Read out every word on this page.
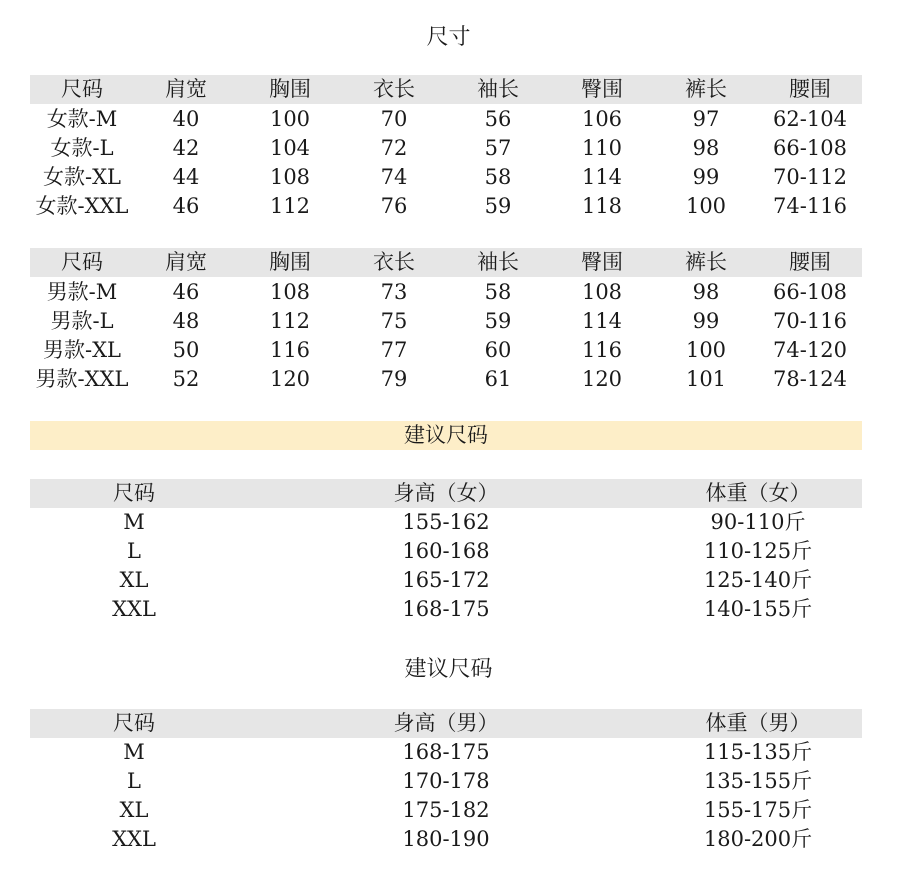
尺寸
尺码	肩宽	胸围	衣长	袖长	臀围	裤长	腰围
女款-M	40	100	70	56	106	97	62-104
女款-L	42	104	72	57	110	98	66-108
女款-XL	44	108	74	58	114	99	70-112
女款-XXL	46	112	76	59	118	100	74-116
尺码	肩宽	胸围	衣长	袖长	臀围	裤长	腰围
男款-M	46	108	73	58	108	98	66-108
男款-L	48	112	75	59	114	99	70-116
男款-XL	50	116	77	60	116	100	74-120
男款-XXL	52	120	79	61	120	101	78-124
建议尺码
尺码	身高（女）	体重（女）
M	155-162	90-110斤
L	160-168	110-125斤
XL	165-172	125-140斤
XXL	168-175	140-155斤
建议尺码
尺码	身高（男）	体重（男）
M	168-175	115-135斤
L	170-178	135-155斤
XL	175-182	155-175斤
XXL	180-190	180-200斤
